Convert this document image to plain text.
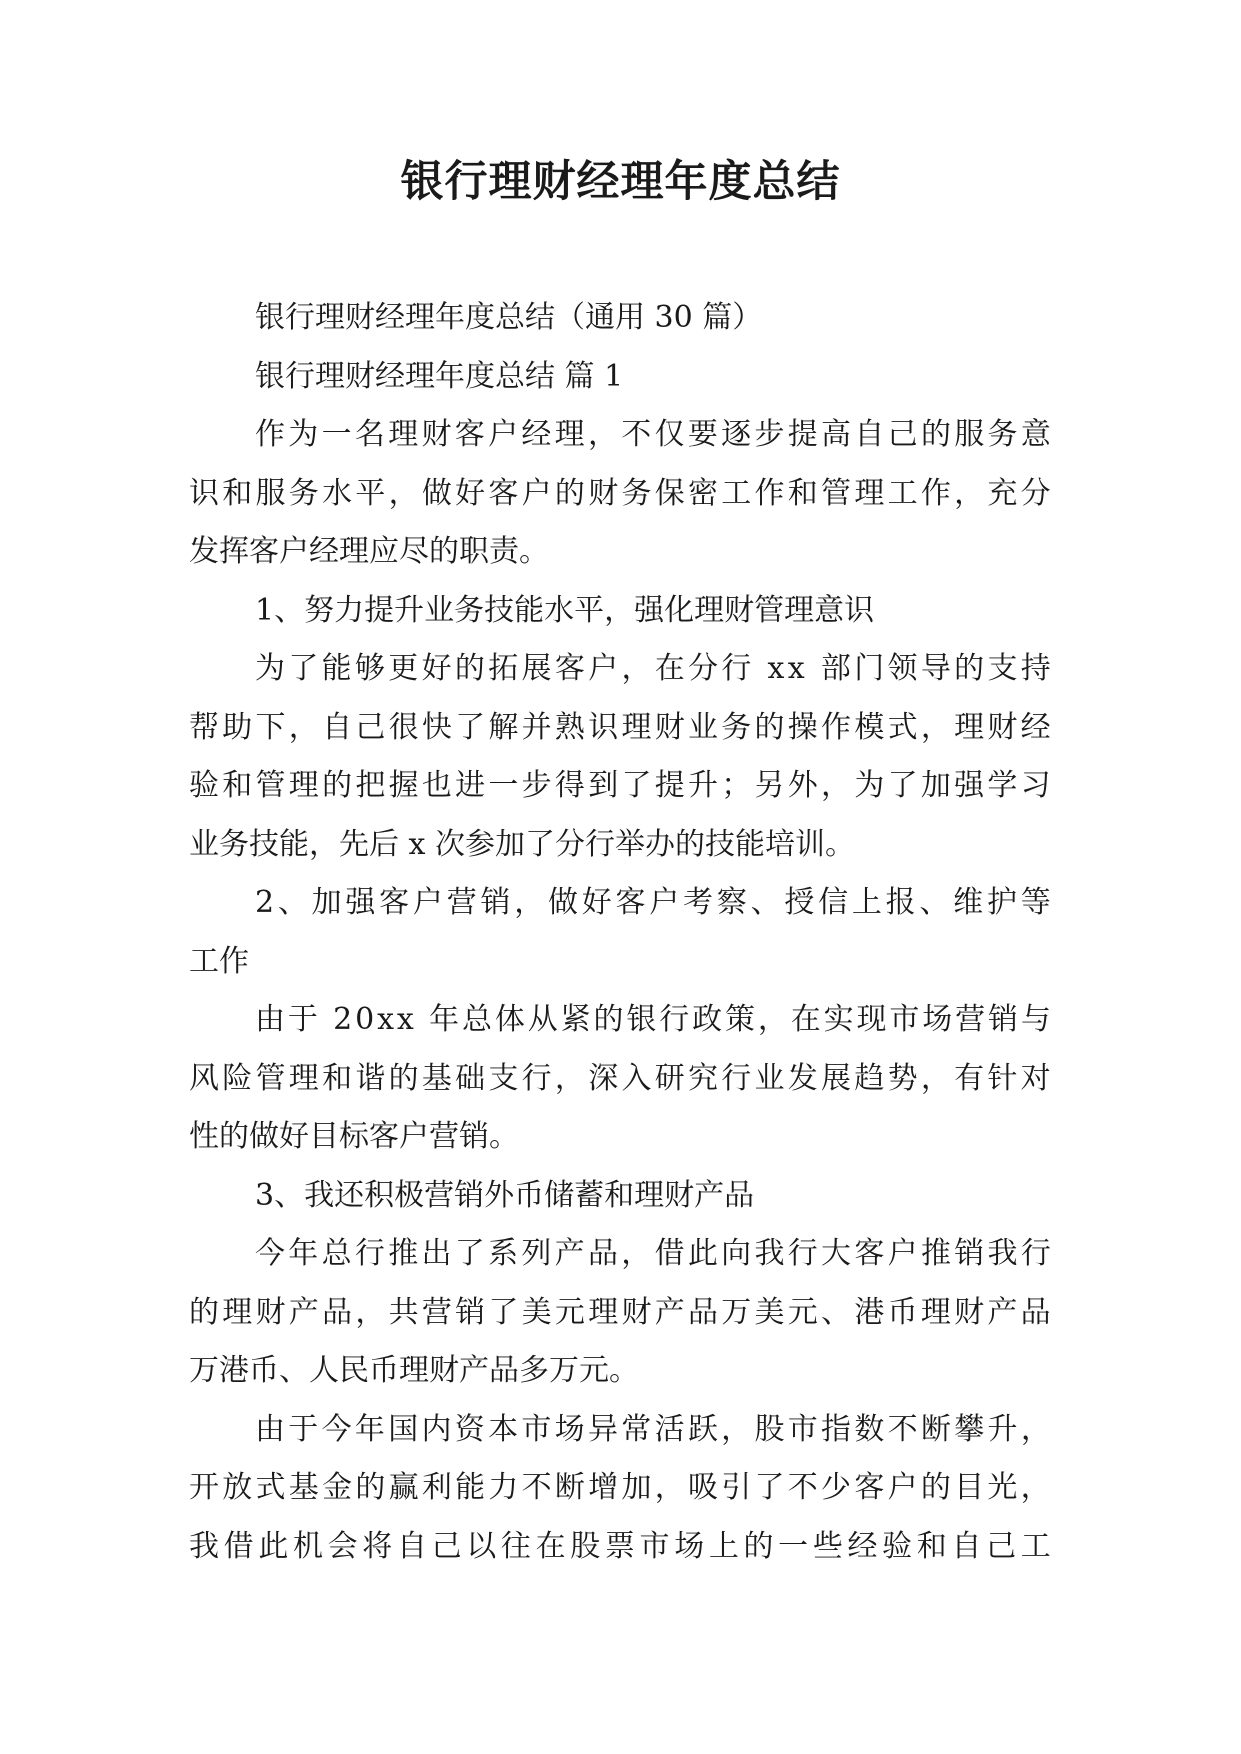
银行理财经理年度总结

银行理财经理年度总结（通用 30 篇）

银行理财经理年度总结 篇 1

作 为 一 名 理 财 客 户 经 理 ， 不 仅 要 逐 步 提 高 自 己 的 服 务 意

识 和 服 务 水 平 ， 做 好 客 户 的 财 务 保 密 工 作 和 管 理 工 作 ， 充 分

发挥客户经理应尽的职责。

1、努力提升业务技能水平，强化理财管理意识

为 了 能 够 更 好 的 拓 展 客 户 ， 在 分 行
x x
部 门 领 导 的 支 持

帮 助 下 ， 自 己 很 快 了 解 并 熟 识 理 财 业 务 的 操 作 模 式 ， 理 财 经

验 和 管 理 的 把 握 也 进 一 步 得 到 了 提 升 ； 另 外 ， 为 了 加 强 学 习

业务技能，先后 x 次参加了分行举办的技能培训。

2 、 加 强 客 户 营 销 ， 做 好 客 户 考 察 、 授 信 上 报 、 维 护 等

工作

由 于
2 0 x x
年 总 体 从 紧 的 银 行 政 策 ， 在 实 现 市 场 营 销 与

风 险 管 理 和 谐 的 基 础 支 行 ， 深 入 研 究 行 业 发 展 趋 势 ， 有 针 对

性的做好目标客户营销。

3、我还积极营销外币储蓄和理财产品

今 年 总 行 推 出 了 系 列 产 品 ， 借 此 向 我 行 大 客 户 推 销 我 行

的 理 财 产 品 ， 共 营 销 了 美 元 理 财 产 品 万 美 元 、 港 币 理 财 产 品

万港币、人民币理财产品多万元。

由 于 今 年 国 内 资 本 市 场 异 常 活 跃 ， 股 市 指 数 不 断 攀 升 ，

开 放 式 基 金 的 赢 利 能 力 不 断 增 加 ， 吸 引 了 不 少 客 户 的 目 光 ，

我 借 此 机 会 将 自 己 以 往 在 股 票 市 场 上 的 一 些 经 验 和 自 己 工
